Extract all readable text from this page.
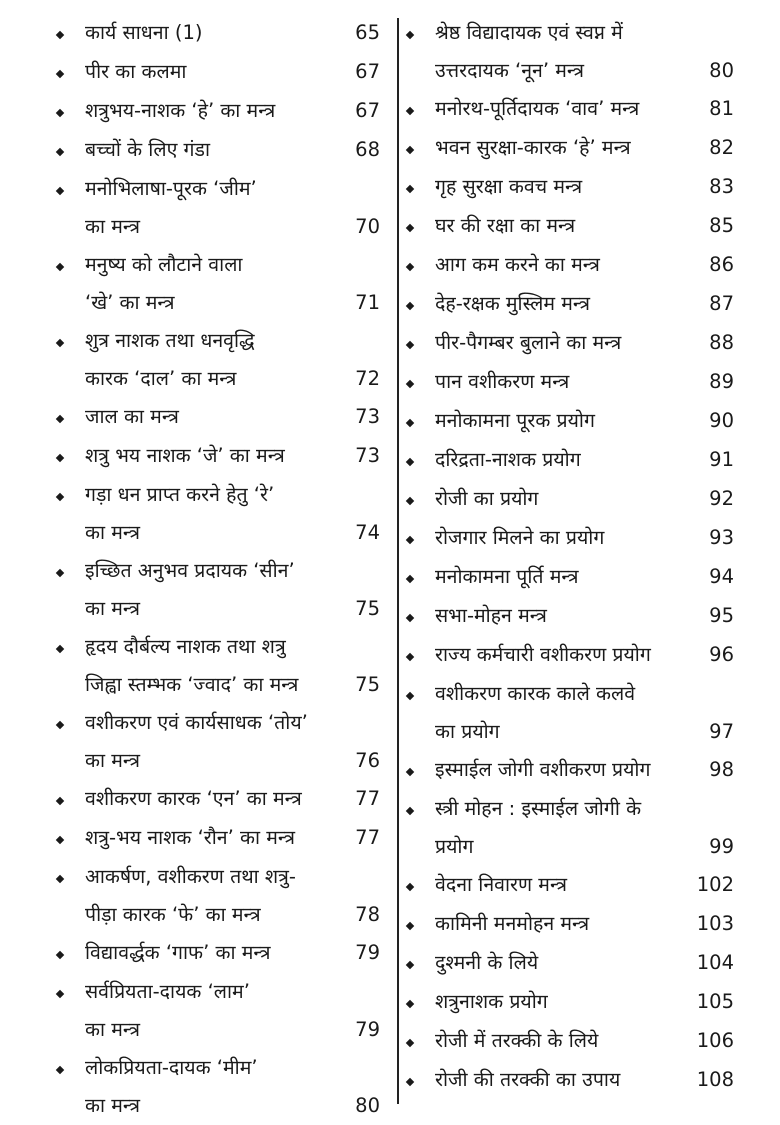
कार्य साधना (1)	65
पीर का कलमा	67
शत्रुभय-नाशक ‘हे’ का मन्त्र	67
बच्चों के लिए गंडा	68
मनोभिलाषा-पूरक ‘जीम’
का मन्त्र	70
मनुष्य को लौटाने वाला
‘खे’ का मन्त्र	71
शुत्र नाशक तथा धनवृद्धि
कारक ‘दाल’ का मन्त्र	72
जाल का मन्त्र	73
शत्रु भय नाशक ‘जे’ का मन्त्र	73
गड़ा धन प्राप्त करने हेतु ‘रे’
का मन्त्र	74
इच्छित अनुभव प्रदायक ‘सीन’
का मन्त्र	75
हृदय दौर्बल्य नाशक तथा शत्रु
जिह्वा स्तम्भक ‘ज्वाद’ का मन्त्र	75
वशीकरण एवं कार्यसाधक ‘तोय’
का मन्त्र	76
वशीकरण कारक ‘एन’ का मन्त्र	77
शत्रु-भय नाशक ‘रौन’ का मन्त्र	77
आकर्षण, वशीकरण तथा शत्रु-
पीड़ा कारक ‘फे’ का मन्त्र	78
विद्यावर्द्धक ‘गाफ’ का मन्त्र	79
सर्वप्रियता-दायक ‘लाम’
का मन्त्र	79
लोकप्रियता-दायक ‘मीम’
का मन्त्र	80
श्रेष्ठ विद्यादायक एवं स्वप्न में
उत्तरदायक ‘नून’ मन्त्र	80
मनोरथ-पूर्तिदायक ‘वाव’ मन्त्र	81
भवन सुरक्षा-कारक ‘हे’ मन्त्र	82
गृह सुरक्षा कवच मन्त्र	83
घर की रक्षा का मन्त्र	85
आग कम करने का मन्त्र	86
देह-रक्षक मुस्लिम मन्त्र	87
पीर-पैगम्बर बुलाने का मन्त्र	88
पान वशीकरण मन्त्र	89
मनोकामना पूरक प्रयोग	90
दरिद्रता-नाशक प्रयोग	91
रोजी का प्रयोग	92
रोजगार मिलने का प्रयोग	93
मनोकामना पूर्ति मन्त्र	94
सभा-मोहन मन्त्र	95
राज्य कर्मचारी वशीकरण प्रयोग	96
वशीकरण कारक काले कलवे
का प्रयोग	97
इस्माईल जोगी वशीकरण प्रयोग	98
स्त्री मोहन : इस्माईल जोगी के
प्रयोग	99
वेदना निवारण मन्त्र	102
कामिनी मनमोहन मन्त्र	103
दुश्मनी के लिये	104
शत्रुनाशक प्रयोग	105
रोजी में तरक्की के लिये	106
रोजी की तरक्की का उपाय	108
